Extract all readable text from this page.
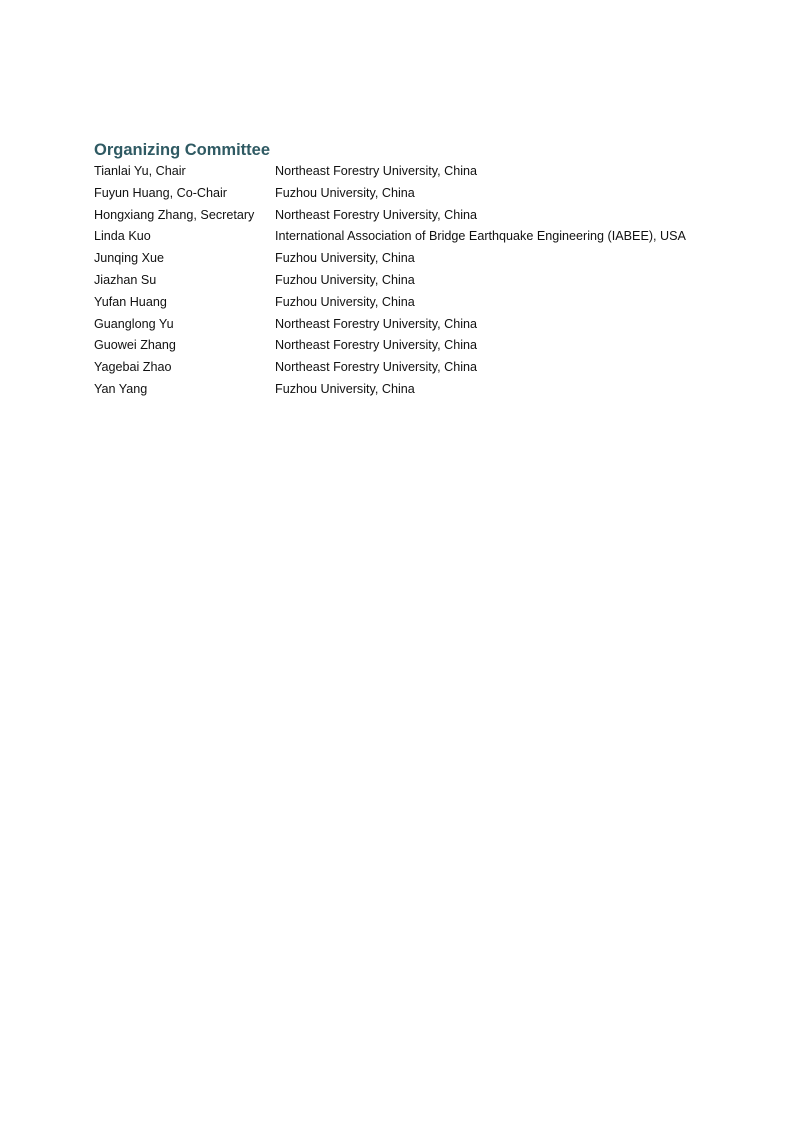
Organizing Committee
Tianlai Yu, Chair	Northeast Forestry University, China
Fuyun Huang, Co-Chair	Fuzhou University, China
Hongxiang Zhang, Secretary	Northeast Forestry University, China
Linda Kuo	International Association of Bridge Earthquake Engineering (IABEE), USA
Junqing Xue	Fuzhou University, China
Jiazhan Su	Fuzhou University, China
Yufan Huang	Fuzhou University, China
Guanglong Yu	Northeast Forestry University, China
Guowei Zhang	Northeast Forestry University, China
Yagebai Zhao	Northeast Forestry University, China
Yan Yang	Fuzhou University, China
